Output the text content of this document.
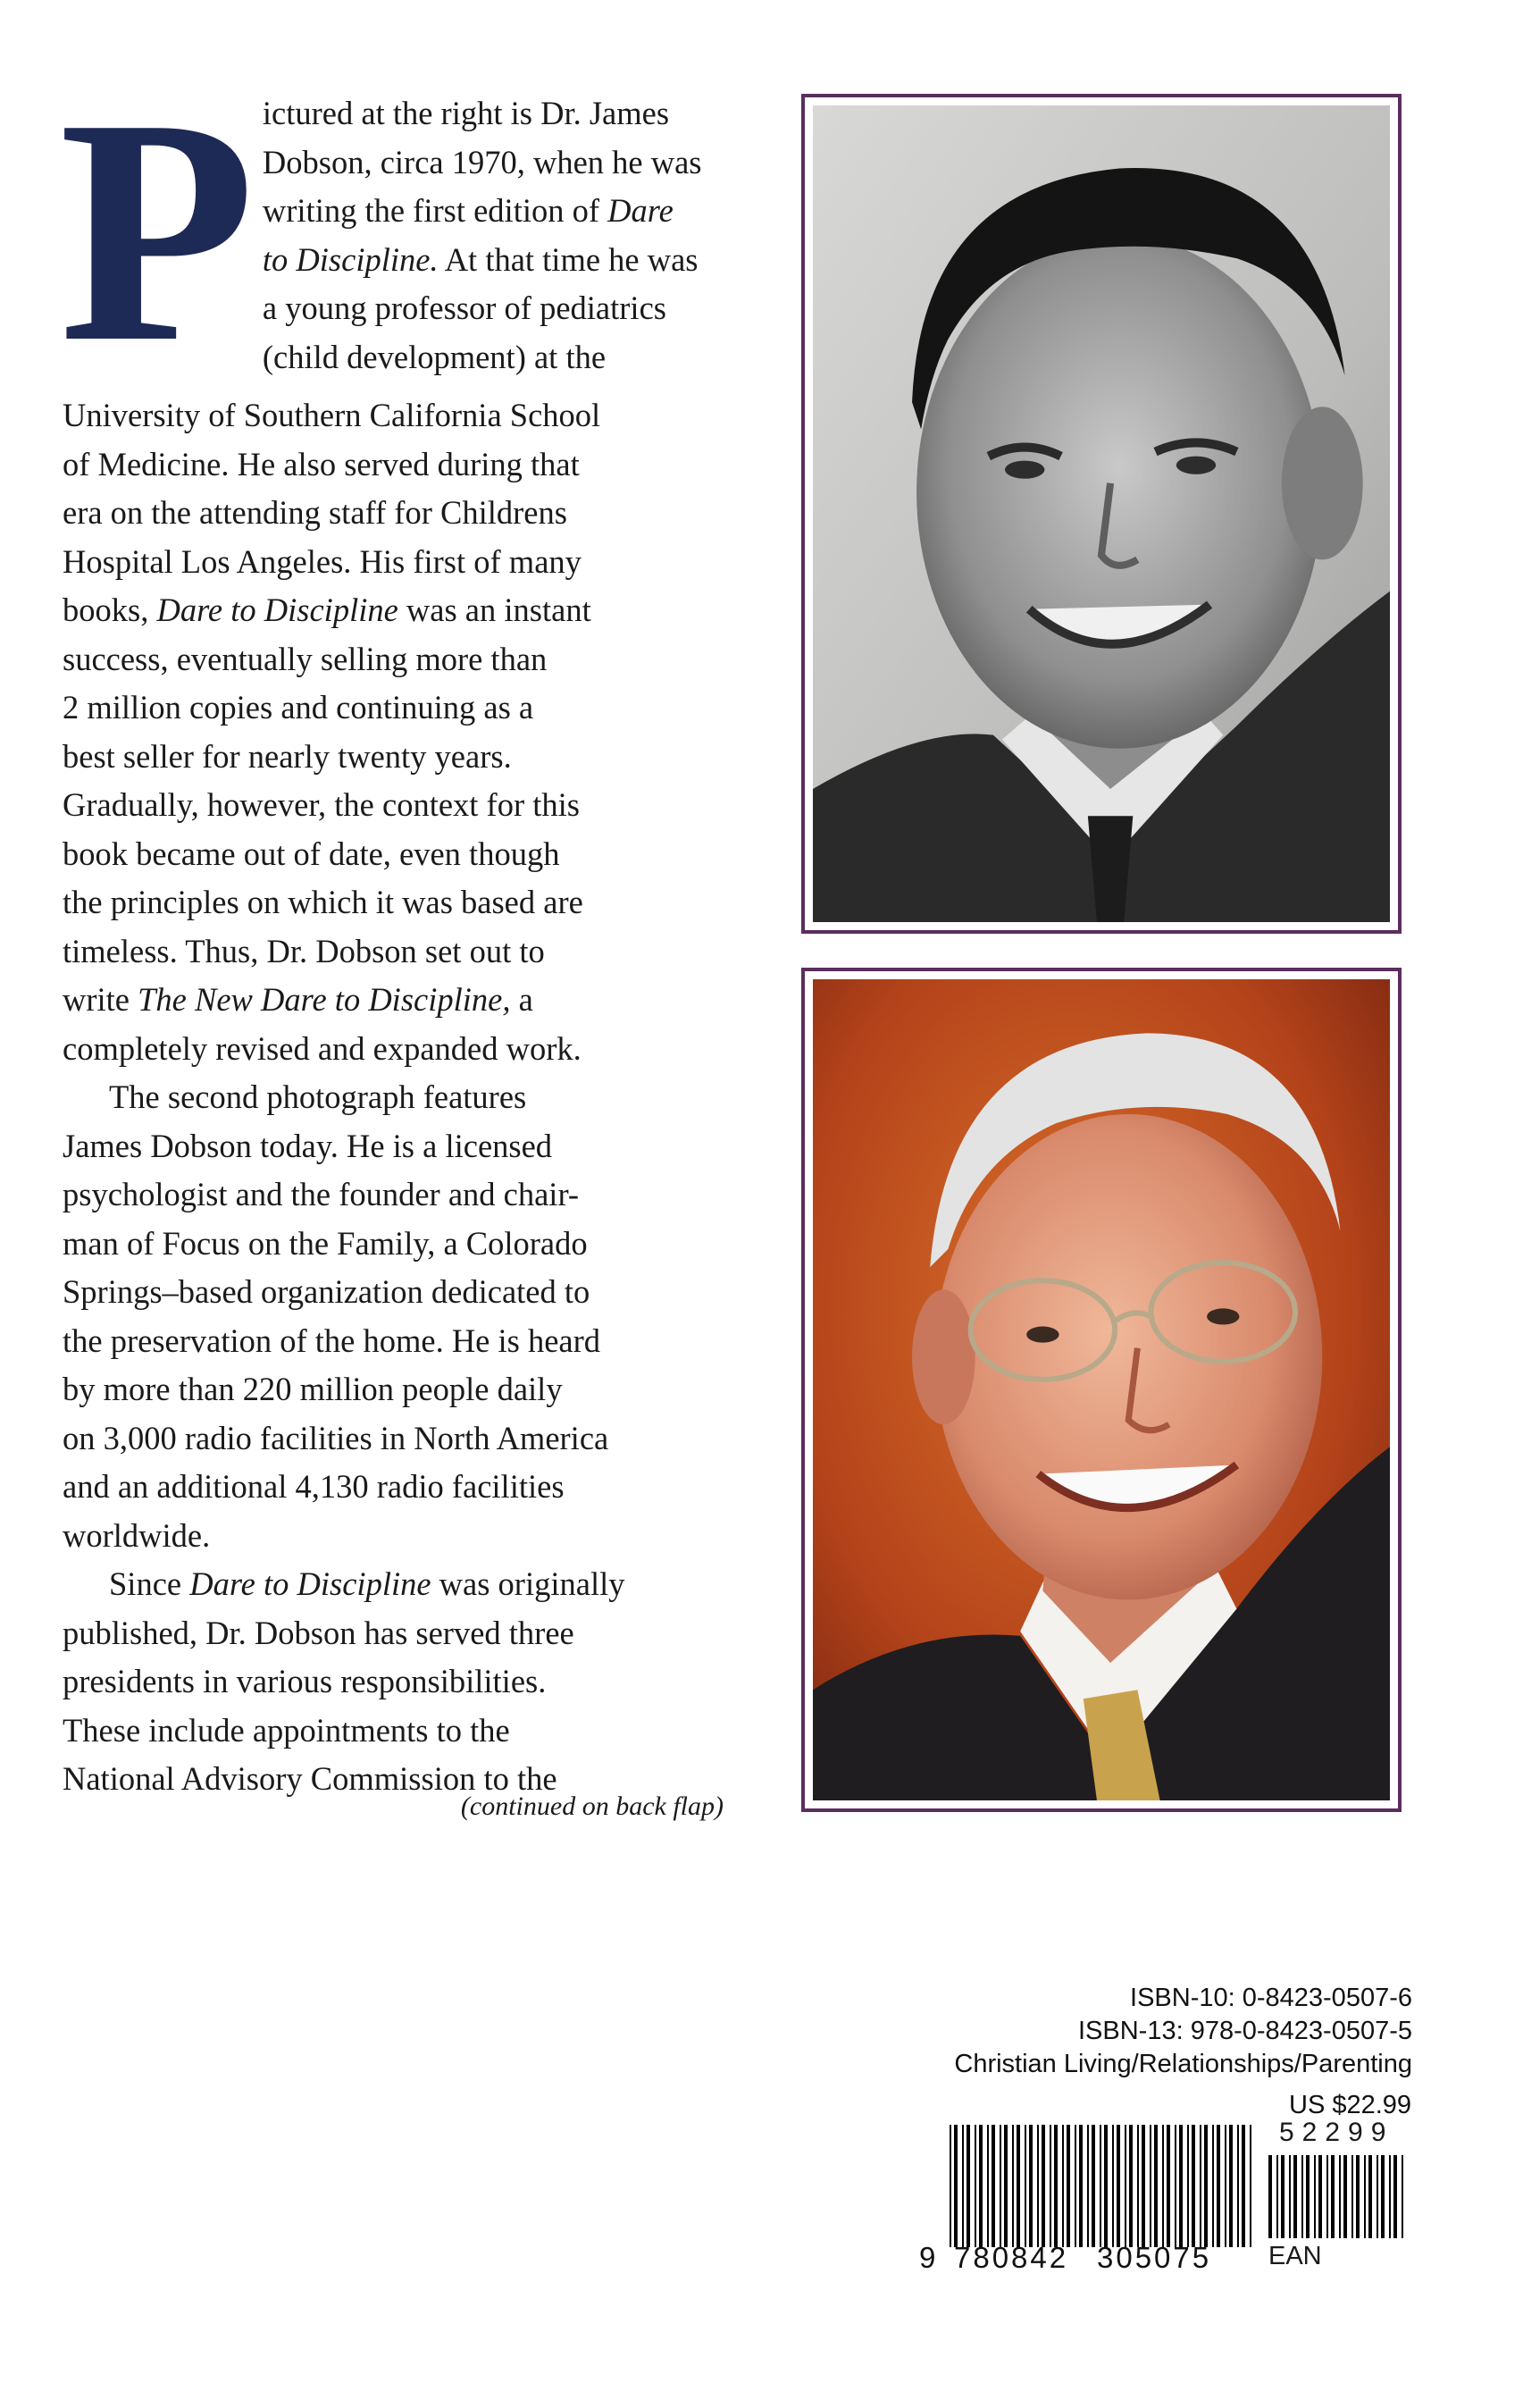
P ictured at the right is Dr. James
Dobson, circa 1970, when he was
writing the first edition of Dare
to Discipline. At that time he was
a young professor of pediatrics
(child development) at the
University of Southern California School
of Medicine. He also served during that
era on the attending staff for Childrens
Hospital Los Angeles. His first of many
books, Dare to Discipline was an instant
success, eventually selling more than
2 million copies and continuing as a
best seller for nearly twenty years.
Gradually, however, the context for this
book became out of date, even though
the principles on which it was based are
timeless. Thus, Dr. Dobson set out to
write The New Dare to Discipline, a
completely revised and expanded work.

The second photograph features
James Dobson today. He is a licensed
psychologist and the founder and chair-
man of Focus on the Family, a Colorado
Springs–based organization dedicated to
the preservation of the home. He is heard
by more than 220 million people daily
on 3,000 radio facilities in North America
and an additional 4,130 radio facilities
worldwide.

Since Dare to Discipline was originally
published, Dr. Dobson has served three
presidents in various responsibilities.
These include appointments to the
National Advisory Commission to the

(continued on back flap)
ISBN-10: 0-8423-0507-6
ISBN-13: 978-0-8423-0507-5
Christian Living/Relationships/Parenting
US $22.99
52299
9 780842 305075 EAN
